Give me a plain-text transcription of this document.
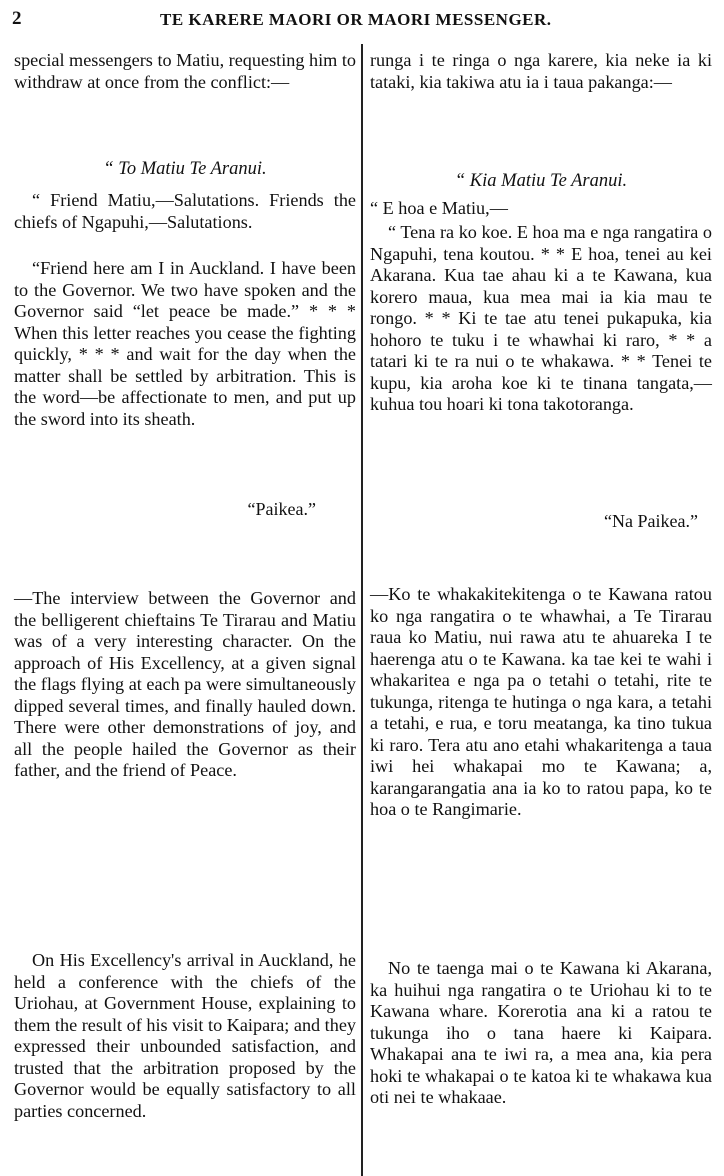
2	TE KARERE MAORI OR MAORI MESSENGER.

special messengers to Matiu, requesting him to withdraw at once from the conflict:—

“ To Matiu Te Aranui.

“ Friend Matiu,—Salutations. Friends the chiefs of Ngapuhi,—Salutations.

“Friend here am I in Auckland. I have been to the Governor. We two have spoken and the Governor said “let peace be made.” * * * When this letter reaches you cease the fighting quickly, * * * and wait for the day when the matter shall be settled by arbitration. This is the word—be affectionate to men, and put up the sword into its sheath.

“Paikea.”

—The interview between the Governor and the belligerent chieftains Te Tirarau and Matiu was of a very interesting character. On the approach of His Excellency, at a given signal the flags flying at each pa were simultaneously dipped several times, and finally hauled down. There were other demonstrations of joy, and all the people hailed the Governor as their father, and the friend of Peace.

On His Excellency's arrival in Auckland, he held a conference with the chiefs of the Uriohau, at Government House, explaining to them the result of his visit to Kaipara; and they expressed their unbounded satisfaction, and trusted that the arbitration proposed by the Governor would be equally satisfactory to all parties concerned.

runga i te ringa o nga karere, kia neke ia ki tataki, kia takiwa atu ia i taua pakanga:—

“ Kia Matiu Te Aranui.

“ E hoa e Matiu,—

“ Tena ra ko koe. E hoa ma e nga rangatira o Ngapuhi, tena koutou. * * E hoa, tenei au kei Akarana. Kua tae ahau ki a te Kawana, kua korero maua, kua mea mai ia kia mau te rongo. * * Ki te tae atu tenei pukapuka, kia hohoro te tuku i te whawhai ki raro, * * a tatari ki te ra nui o te whakawa. * * Tenei te kupu, kia aroha koe ki te tinana tangata,—kuhua tou hoari ki tona takotoranga.

“Na Paikea.”

—Ko te whakakitekitenga o te Kawana ratou ko nga rangatira o te whawhai, a Te Tirarau raua ko Matiu, nui rawa atu te ahuareka I te haerenga atu o te Kawana. ka tae kei te wahi i whakaritea e nga pa o tetahi o tetahi, rite te tukunga, ritenga te hutinga o nga kara, a tetahi a tetahi, e rua, e toru meatanga, ka tino tukua ki raro. Tera atu ano etahi whakaritenga a taua iwi hei whakapai mo te Kawana; a, karangarangatia ana ia ko to ratou papa, ko te hoa o te Rangimarie.

No te taenga mai o te Kawana ki Akarana, ka huihui nga rangatira o te Uriohau ki to te Kawana whare. Korerotia ana ki a ratou te tukunga iho o tana haere ki Kaipara. Whakapai ana te iwi ra, a mea ana, kia pera hoki te whakapai o te katoa ki te whakawa kua oti nei te whakaae.
